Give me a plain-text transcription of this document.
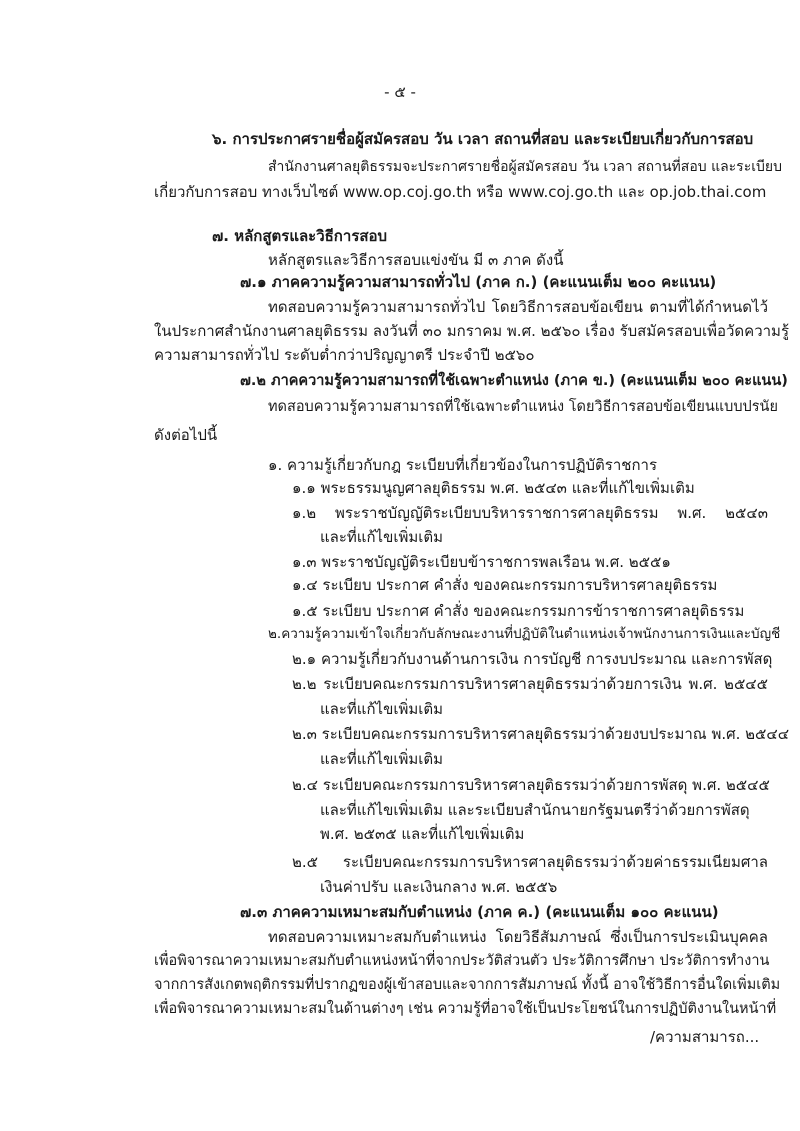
- ๕ -
๖. การประกาศรายชื่อผู้สมัครสอบ วัน เวลา สถานที่สอบ และระเบียบเกี่ยวกับการสอบ
สำนักงานศาลยุติธรรมจะประกาศรายชื่อผู้สมัครสอบ วัน เวลา สถานที่สอบ และระเบียบ
เกี่ยวกับการสอบ ทางเว็บไซต์ www.op.coj.go.th หรือ www.coj.go.th และ op.job.thai.com
๗. หลักสูตรและวิธีการสอบ
หลักสูตรและวิธีการสอบแข่งขัน มี ๓ ภาค ดังนี้
๗.๑ ภาคความรู้ความสามารถทั่วไป (ภาค ก.) (คะแนนเต็ม ๒๐๐ คะแนน)
ทดสอบความรู้ความสามารถทั่วไป โดยวิธีการสอบข้อเขียน ตามที่ได้กำหนดไว้
ในประกาศสำนักงานศาลยุติธรรม ลงวันที่ ๓๐ มกราคม พ.ศ. ๒๕๖๐ เรื่อง รับสมัครสอบเพื่อวัดความรู้
ความสามารถทั่วไป ระดับต่ำกว่าปริญญาตรี ประจำปี ๒๕๖๐
๗.๒ ภาคความรู้ความสามารถที่ใช้เฉพาะตำแหน่ง (ภาค ข.) (คะแนนเต็ม ๒๐๐ คะแนน)
ทดสอบความรู้ความสามารถที่ใช้เฉพาะตำแหน่ง โดยวิธีการสอบข้อเขียนแบบปรนัย
ดังต่อไปนี้
๑. ความรู้เกี่ยวกับกฎ ระเบียบที่เกี่ยวข้องในการปฏิบัติราชการ
๑.๑ พระธรรมนูญศาลยุติธรรม พ.ศ. ๒๕๔๓ และที่แก้ไขเพิ่มเติม
๑.๒ พระราชบัญญัติระเบียบบริหารราชการศาลยุติธรรม พ.ศ. ๒๕๔๓
และที่แก้ไขเพิ่มเติม
๑.๓ พระราชบัญญัติระเบียบข้าราชการพลเรือน พ.ศ. ๒๕๕๑
๑.๔ ระเบียบ ประกาศ คำสั่ง ของคณะกรรมการบริหารศาลยุติธรรม
๑.๕ ระเบียบ ประกาศ คำสั่ง ของคณะกรรมการข้าราชการศาลยุติธรรม
๒.ความรู้ความเข้าใจเกี่ยวกับลักษณะงานที่ปฏิบัติในตำแหน่งเจ้าพนักงานการเงินและบัญชี
๒.๑ ความรู้เกี่ยวกับงานด้านการเงิน การบัญชี การงบประมาณ และการพัสดุ
๒.๒ ระเบียบคณะกรรมการบริหารศาลยุติธรรมว่าด้วยการเงิน พ.ศ. ๒๕๔๕
และที่แก้ไขเพิ่มเติม
๒.๓ ระเบียบคณะกรรมการบริหารศาลยุติธรรมว่าด้วยงบประมาณ พ.ศ. ๒๕๔๔
และที่แก้ไขเพิ่มเติม
๒.๔ ระเบียบคณะกรรมการบริหารศาลยุติธรรมว่าด้วยการพัสดุ พ.ศ. ๒๕๔๕
และที่แก้ไขเพิ่มเติม และระเบียบสำนักนายกรัฐมนตรีว่าด้วยการพัสดุ
พ.ศ. ๒๕๓๕ และที่แก้ไขเพิ่มเติม
๒.๕ ระเบียบคณะกรรมการบริหารศาลยุติธรรมว่าด้วยค่าธรรมเนียมศาล
เงินค่าปรับ และเงินกลาง พ.ศ. ๒๕๕๖
๗.๓ ภาคความเหมาะสมกับตำแหน่ง (ภาค ค.) (คะแนนเต็ม ๑๐๐ คะแนน)
ทดสอบความเหมาะสมกับตำแหน่ง โดยวิธีสัมภาษณ์ ซึ่งเป็นการประเมินบุคคล
เพื่อพิจารณาความเหมาะสมกับตำแหน่งหน้าที่จากประวัติส่วนตัว ประวัติการศึกษา ประวัติการทำงาน
จากการสังเกตพฤติกรรมที่ปรากฏของผู้เข้าสอบและจากการสัมภาษณ์ ทั้งนี้ อาจใช้วิธีการอื่นใดเพิ่มเติม
เพื่อพิจารณาความเหมาะสมในด้านต่างๆ เช่น ความรู้ที่อาจใช้เป็นประโยชน์ในการปฏิบัติงานในหน้าที่
/ความสามารถ...
